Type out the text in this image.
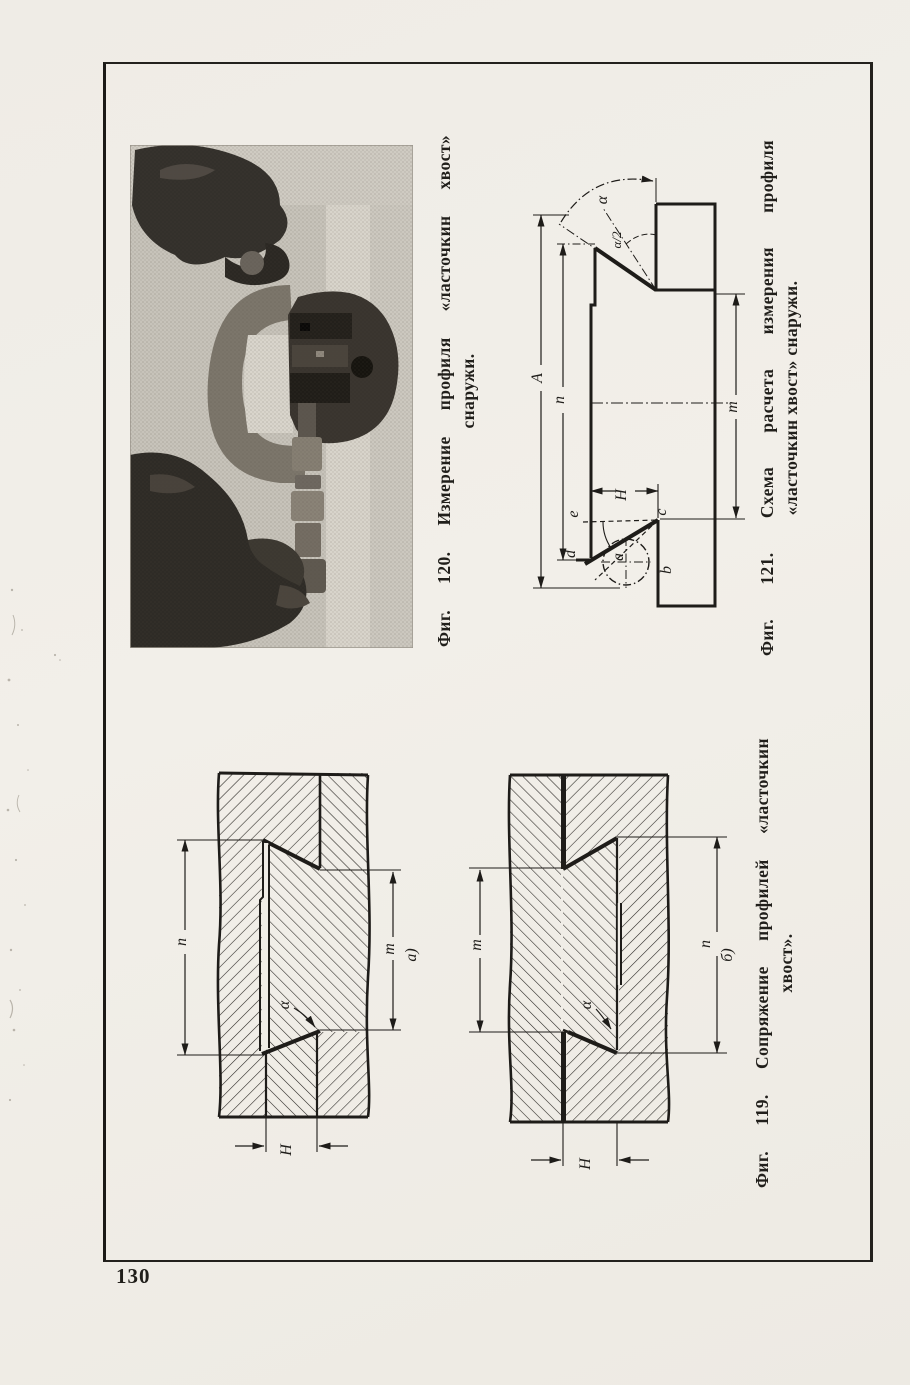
Фиг. 120. Измерение профиля «ласточкин хвост» снаружи.
α
α/2
A
n
m
H
d
e
a
b
c	Фиг. 121. Схема расчета измерения профиля «ласточкин хвост» снаружи.
n
m
α
H
а)
m	n
α
H
б) Фиг. 119. Сопряжение профилей «ласточкин хвост».
130
